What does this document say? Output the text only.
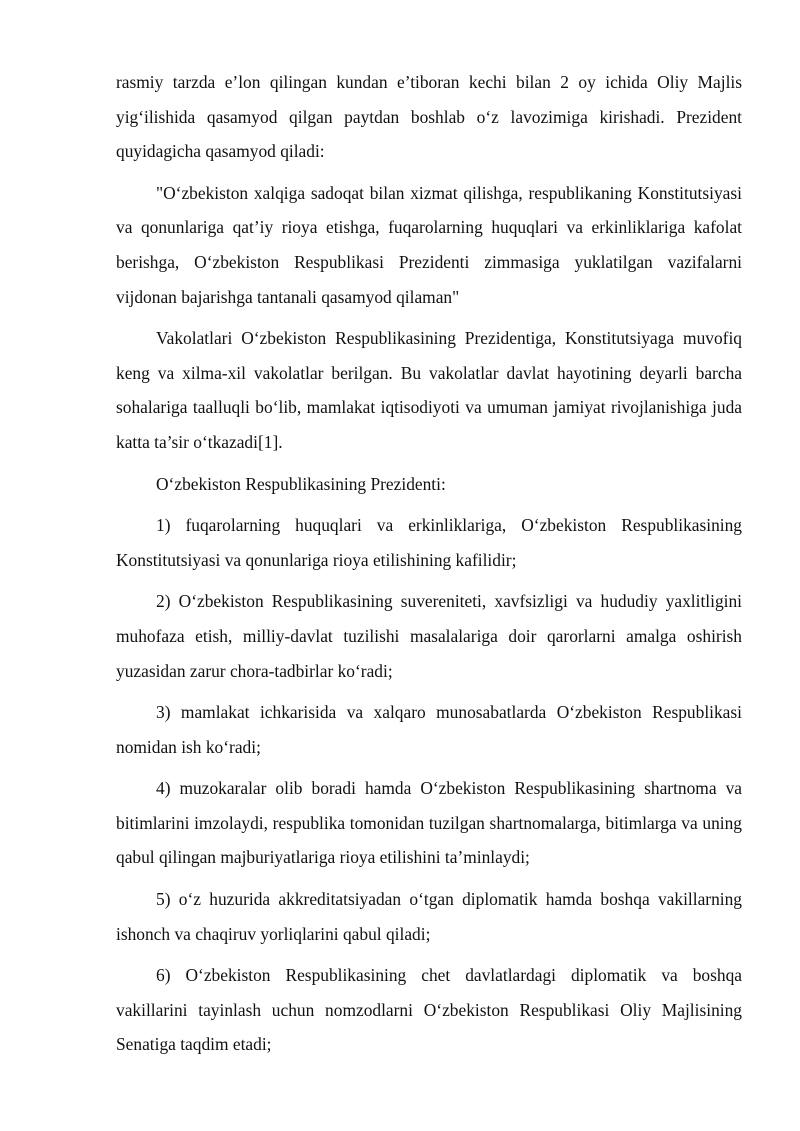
rasmiy tarzda e’lon qilingan kundan e’tiboran kechi bilan 2 oy ichida Oliy Majlis yig‘ilishida qasamyod qilgan paytdan boshlab o‘z lavozimiga kirishadi. Prezident quyidagicha qasamyod qiladi:

"O‘zbekiston xalqiga sadoqat bilan xizmat qilishga, respublikaning Konstitutsiyasi va qonunlariga qat’iy rioya etishga, fuqarolarning huquqlari va erkinliklariga kafolat berishga, O‘zbekiston Respublikasi Prezidenti zimmasiga yuklatilgan vazifalarni vijdonan bajarishga tantanali qasamyod qilaman"

Vakolatlari O‘zbekiston Respublikasining Prezidentiga, Konstitutsiyaga muvofiq keng va xilma-xil vakolatlar berilgan. Bu vakolatlar davlat hayotining deyarli barcha sohalariga taalluqli bo‘lib, mamlakat iqtisodiyoti va umuman jamiyat rivojlanishiga juda katta ta’sir o‘tkazadi[1].

O‘zbekiston Respublikasining Prezidenti:

1) fuqarolarning huquqlari va erkinliklariga, O‘zbekiston Respublikasining Konstitutsiyasi va qonunlariga rioya etilishining kafilidir;

2) O‘zbekiston Respublikasining suvereniteti, xavfsizligi va hududiy yaxlitligini muhofaza etish, milliy-davlat tuzilishi masalalariga doir qarorlarni amalga oshirish yuzasidan zarur chora-tadbirlar ko‘radi;

3) mamlakat ichkarisida va xalqaro munosabatlarda O‘zbekiston Respublikasi nomidan ish ko‘radi;

4) muzokaralar olib boradi hamda O‘zbekiston Respublikasining shartnoma va bitimlarini imzolaydi, respublika tomonidan tuzilgan shartnomalarga, bitimlarga va uning qabul qilingan majburiyatlariga rioya etilishini ta’minlaydi;

5) o‘z huzurida akkreditatsiyadan o‘tgan diplomatik hamda boshqa vakillarning ishonch va chaqiruv yorliqlarini qabul qiladi;

6) O‘zbekiston Respublikasining chet davlatlardagi diplomatik va boshqa vakillarini tayinlash uchun nomzodlarni O‘zbekiston Respublikasi Oliy Majlisining Senatiga taqdim etadi;
